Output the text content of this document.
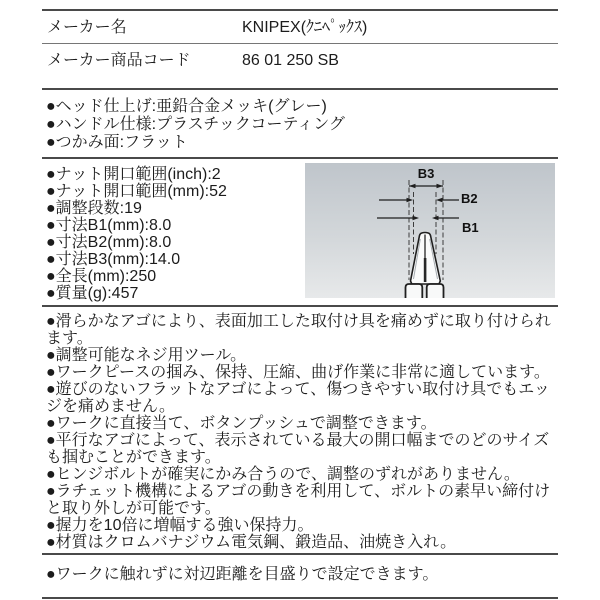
メーカー名	KNIPEX(ｸﾆﾍﾟｯｸｽ)
メーカー商品コード	86 01 250 SB

●ヘッド仕上げ:亜鉛合金メッキ(グレー)

●ハンドル仕様:プラスチックコーティング

●つかみ面:フラット

●ナット開口範囲(inch):2

●ナット開口範囲(mm):52

●調整段数:19

●寸法B1(mm):8.0

●寸法B2(mm):8.0

●寸法B3(mm):14.0

●全長(mm):250

●質量(g):457

B3
B2
B1

●滑らかなアゴにより、表面加工した取付け具を痛めずに取り付けられます。

●調整可能なネジ用ツール。

●ワークピースの掴み、保持、圧縮、曲げ作業に非常に適しています。

●遊びのないフラットなアゴによって、傷つきやすい取付け具でもエッジを痛めません。

●ワークに直接当て、ボタンプッシュで調整できます。

●平行なアゴによって、表示されている最大の開口幅までのどのサイズも掴むことができます。

●ヒンジボルトが確実にかみ合うので、調整のずれがありません。

●ラチェット機構によるアゴの動きを利用して、ボルトの素早い締付けと取り外しが可能です。

●握力を10倍に増幅する強い保持力。

●材質はクロムバナジウム電気鋼、鍛造品、油焼き入れ。

●ワークに触れずに対辺距離を目盛りで設定できます。
